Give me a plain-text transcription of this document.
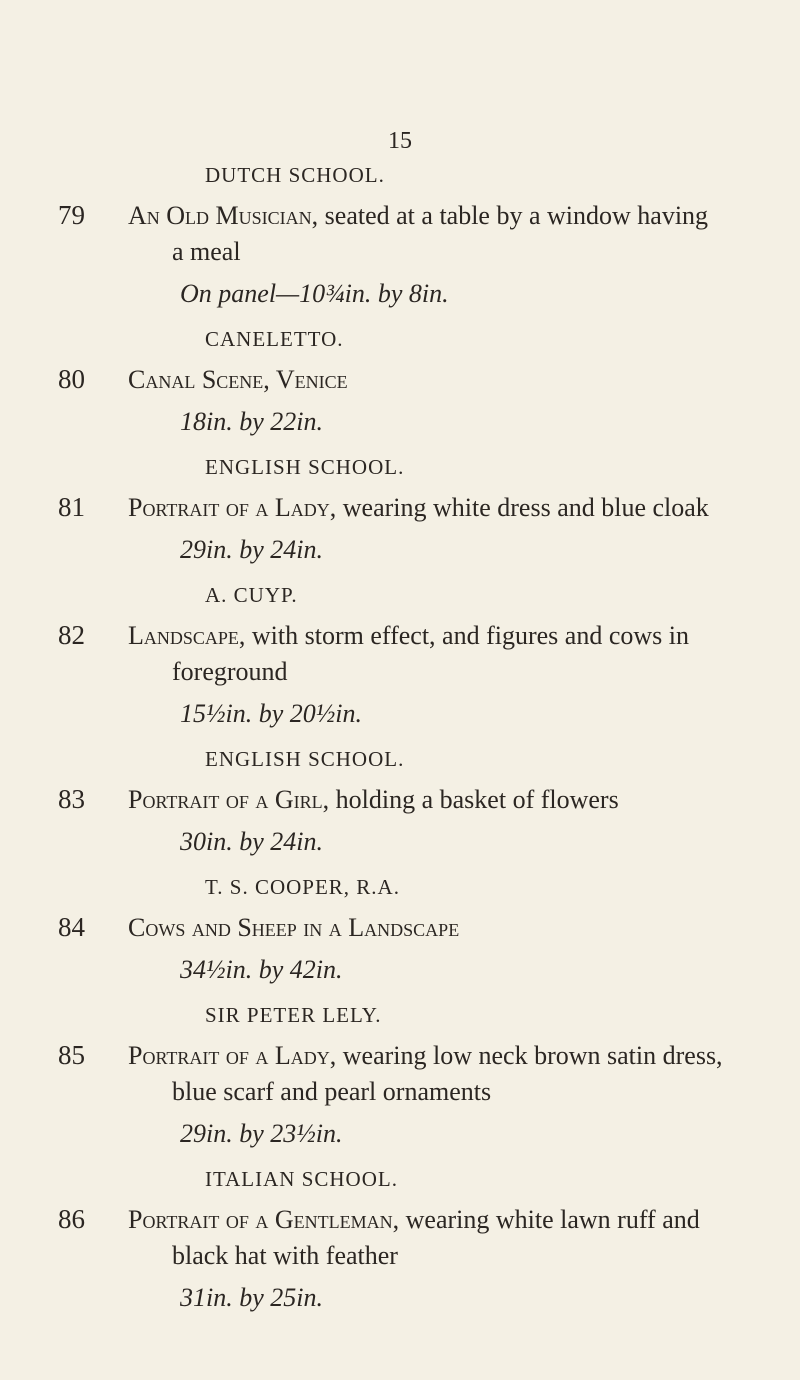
15
DUTCH SCHOOL.
79 An Old Musician, seated at a table by a window having
a meal
On panel—10¾in. by 8in.
CANELETTO.
80 Canal Scene, Venice
18in. by 22in.
ENGLISH SCHOOL.
81 Portrait of a Lady, wearing white dress and blue cloak
29in. by 24in.
A. CUYP.
82 Landscape, with storm effect, and figures and cows in
foreground
15½in. by 20½in.
ENGLISH SCHOOL.
83 Portrait of a Girl, holding a basket of flowers
30in. by 24in.
T. S. COOPER, R.A.
84 Cows and Sheep in a Landscape
34½in. by 42in.
SIR PETER LELY.
85 Portrait of a Lady, wearing low neck brown satin dress,
blue scarf and pearl ornaments
29in. by 23½in.
ITALIAN SCHOOL.
86 Portrait of a Gentleman, wearing white lawn ruff and
black hat with feather
31in. by 25in.
